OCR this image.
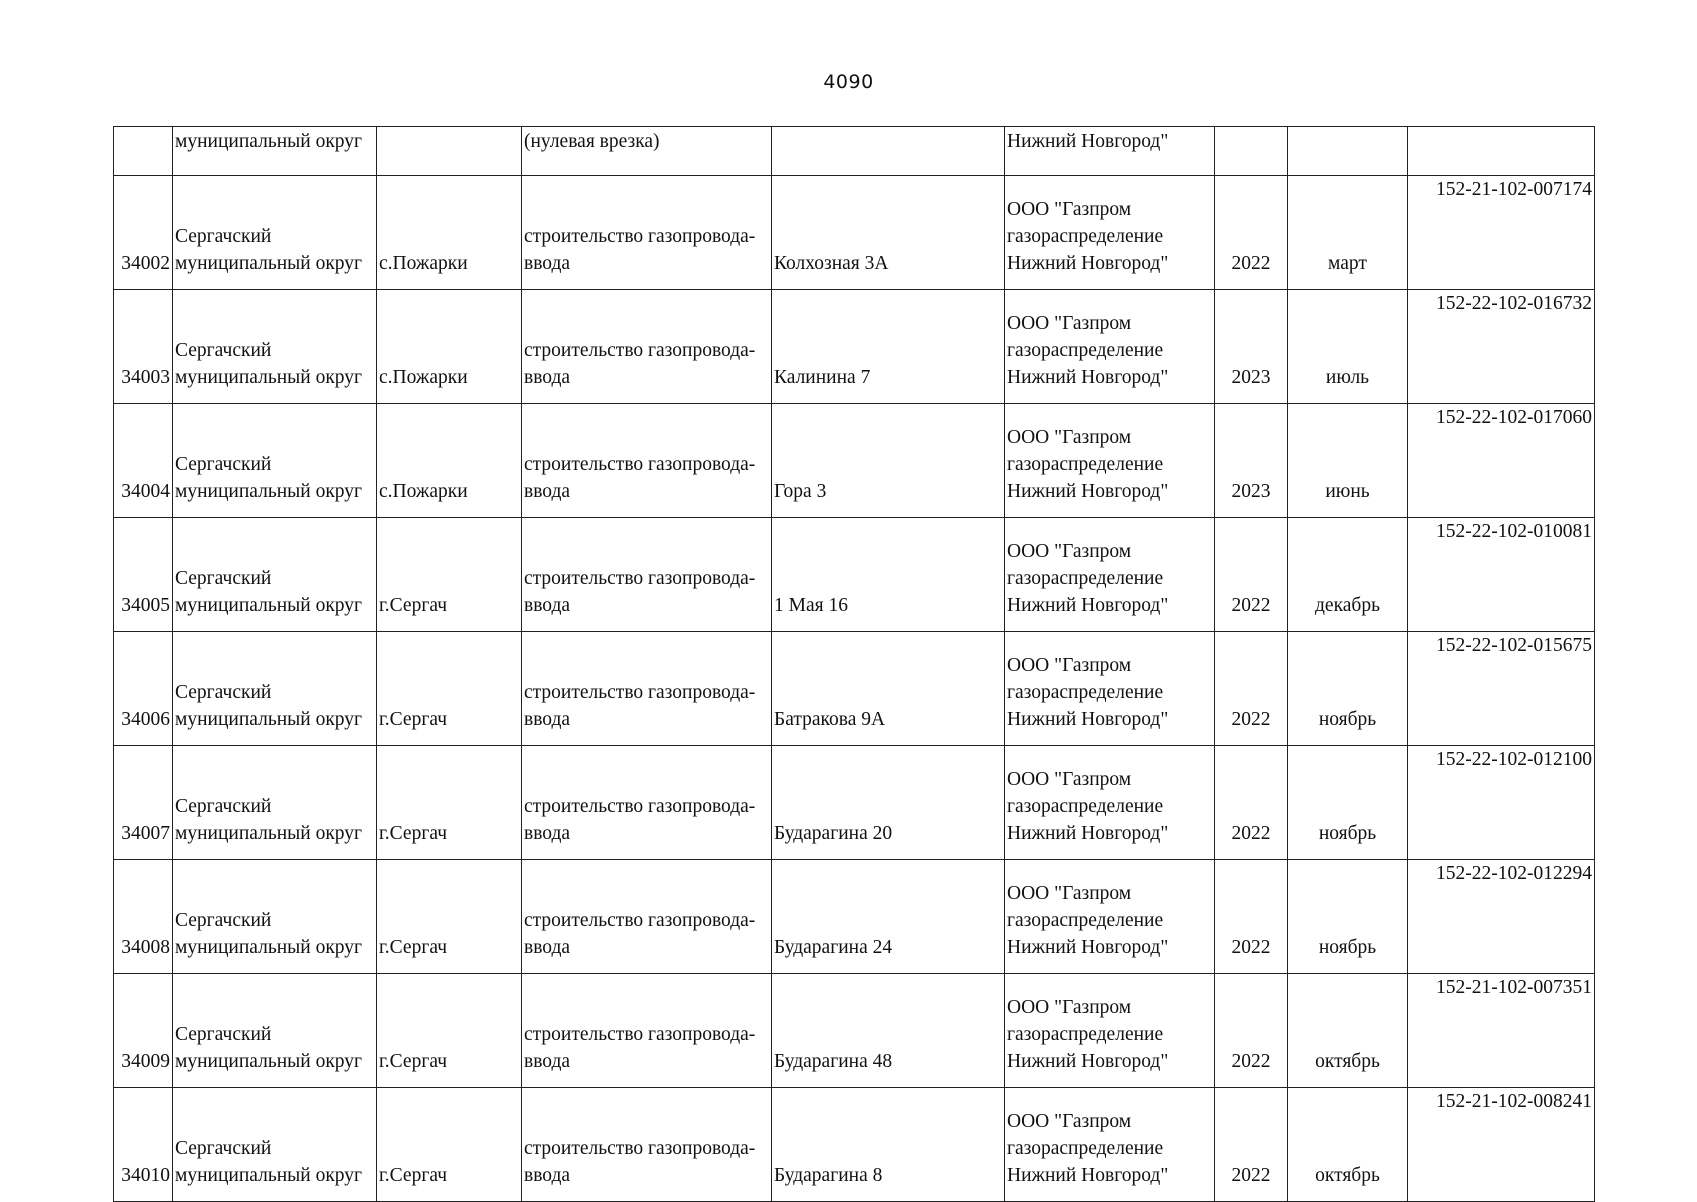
4090
	муниципальный округ		(нулевая врезка)		Нижний Новгород"			
34002	Сергачский
муниципальный округ	с.Пожарки	строительство газопровода-
ввода	Колхозная 3А	ООО "Газпром
газораспределение
Нижний Новгород"	2022	март	152-21-102-007174
34003	Сергачский
муниципальный округ	с.Пожарки	строительство газопровода-
ввода	Калинина 7	ООО "Газпром
газораспределение
Нижний Новгород"	2023	июль	152-22-102-016732
34004	Сергачский
муниципальный округ	с.Пожарки	строительство газопровода-
ввода	Гора 3	ООО "Газпром
газораспределение
Нижний Новгород"	2023	июнь	152-22-102-017060
34005	Сергачский
муниципальный округ	г.Сергач	строительство газопровода-
ввода	1 Мая 16	ООО "Газпром
газораспределение
Нижний Новгород"	2022	декабрь	152-22-102-010081
34006	Сергачский
муниципальный округ	г.Сергач	строительство газопровода-
ввода	Батракова 9А	ООО "Газпром
газораспределение
Нижний Новгород"	2022	ноябрь	152-22-102-015675
34007	Сергачский
муниципальный округ	г.Сергач	строительство газопровода-
ввода	Бударагина 20	ООО "Газпром
газораспределение
Нижний Новгород"	2022	ноябрь	152-22-102-012100
34008	Сергачский
муниципальный округ	г.Сергач	строительство газопровода-
ввода	Бударагина 24	ООО "Газпром
газораспределение
Нижний Новгород"	2022	ноябрь	152-22-102-012294
34009	Сергачский
муниципальный округ	г.Сергач	строительство газопровода-
ввода	Бударагина 48	ООО "Газпром
газораспределение
Нижний Новгород"	2022	октябрь	152-21-102-007351
34010	Сергачский
муниципальный округ	г.Сергач	строительство газопровода-
ввода	Бударагина 8	ООО "Газпром
газораспределение
Нижний Новгород"	2022	октябрь	152-21-102-008241
